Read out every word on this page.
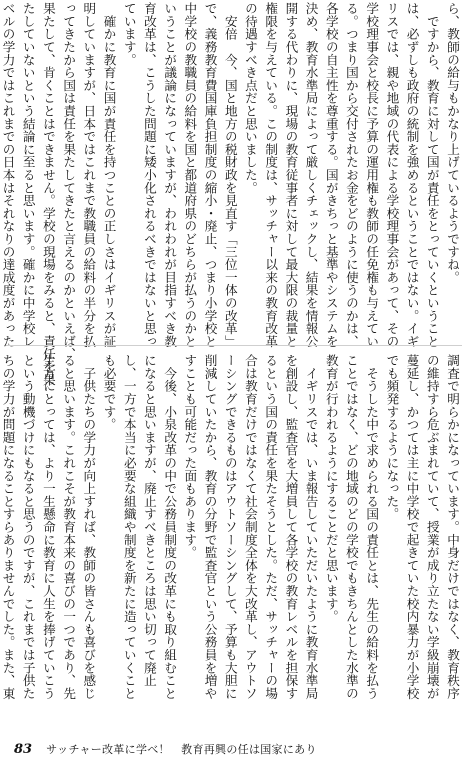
ら、教師の給与もかなり上げているようですね。
　ですから、教育に対して国が責任をとっていくということ
は、必ずしも政府の統制を強めるということではない。イギ
リスでは、親や地域の代表による学校理事会があって、その
学校理事会と校長に予算の運用権も教師の任免権も与えてい
る。つまり国から交付されたお金をどのように使うのかは、
各学校の自主性を尊重する。国がきちっと基準やシステムを
決め、教育水準局によって厳しくチェックし、結果を情報公
開する代わりに、現場の教育従事者に対して最大限の裁量と
権限を与えている。この制度は、サッチャー以来の教育改革
の待遇すべき点だと思いました。
　安倍　今、国と地方の税財政を見直す「三位一体の改革」
で、義務教育費国庫負担制度の縮小・廃止、つまり小学校と
中学校の教職員の給料を国と都道府県のどちらが払うのかと
いうことが議論になっていますが、われわれが目指すべき教
育改革は、こうした問題に矮小化されるべきではないと思っ
ています。
　確かに教育に国が責任を持つことの正しさはイギリスが証
明していますが、日本ではこれまで教職員の給料の半分を払
ってきたから国は責任を果たしてきたと言えるのかといえば、
果たして、肯くことはできません。学校の現場をみると、責任を果
たしていないという結論に至ると思います。確かに中学校レ
ベルの学力ではこれまでの日本はそれなりの達成度があった
調査で明らかになっています。中身だけではなく、教育秩序
の維持すら危ぶまれていて、授業が成り立たない学級崩壊が
蔓延し、かつては主に中学校で起きていた校内暴力が小学校
でも頻発するようになった。
　そうした中で求められる国の責任とは、先生の給料を払う
ことではなく、どの地域のどの学校でもきちんとした水準の
教育が行われるようにすることだと思います。
　イギリスでは、いま報告していただいたように教育水準局
を創設し、監査官を大増員して各学校の教育レベルを担保す
るという国の責任を果たそうとした。ただ、サッチャーの場
合は教育だけではなくて社会制度全体を大改革し、アウトソ
ーシングできるものはアウトソーシングして、予算も大胆に
削減していたから、教育の分野で監査官という公務員を増や
すことも可能だった面もあります。
　今後、小泉改革の中で公務員制度の改革にも取り組むこと
になると思いますが、廃止すべきところは思い切って廃止
し、一方で本当に必要な組織や制度を新たに造っていくこと
も必要です。
　子供たちの学力が向上すれば、教師の皆さんも喜びを感じ
ると思います。これこそが教育本来の喜びの一つであり、先
生方にとっては、より一生懸命に教育に人生を捧げていこう
という動機づけにもなると思うのですが、これまでは子供た
ちの学力が問題になることすらありませんでした。また、東
83 サッチャー改革に学べ！　教育再興の任は国家にあり
